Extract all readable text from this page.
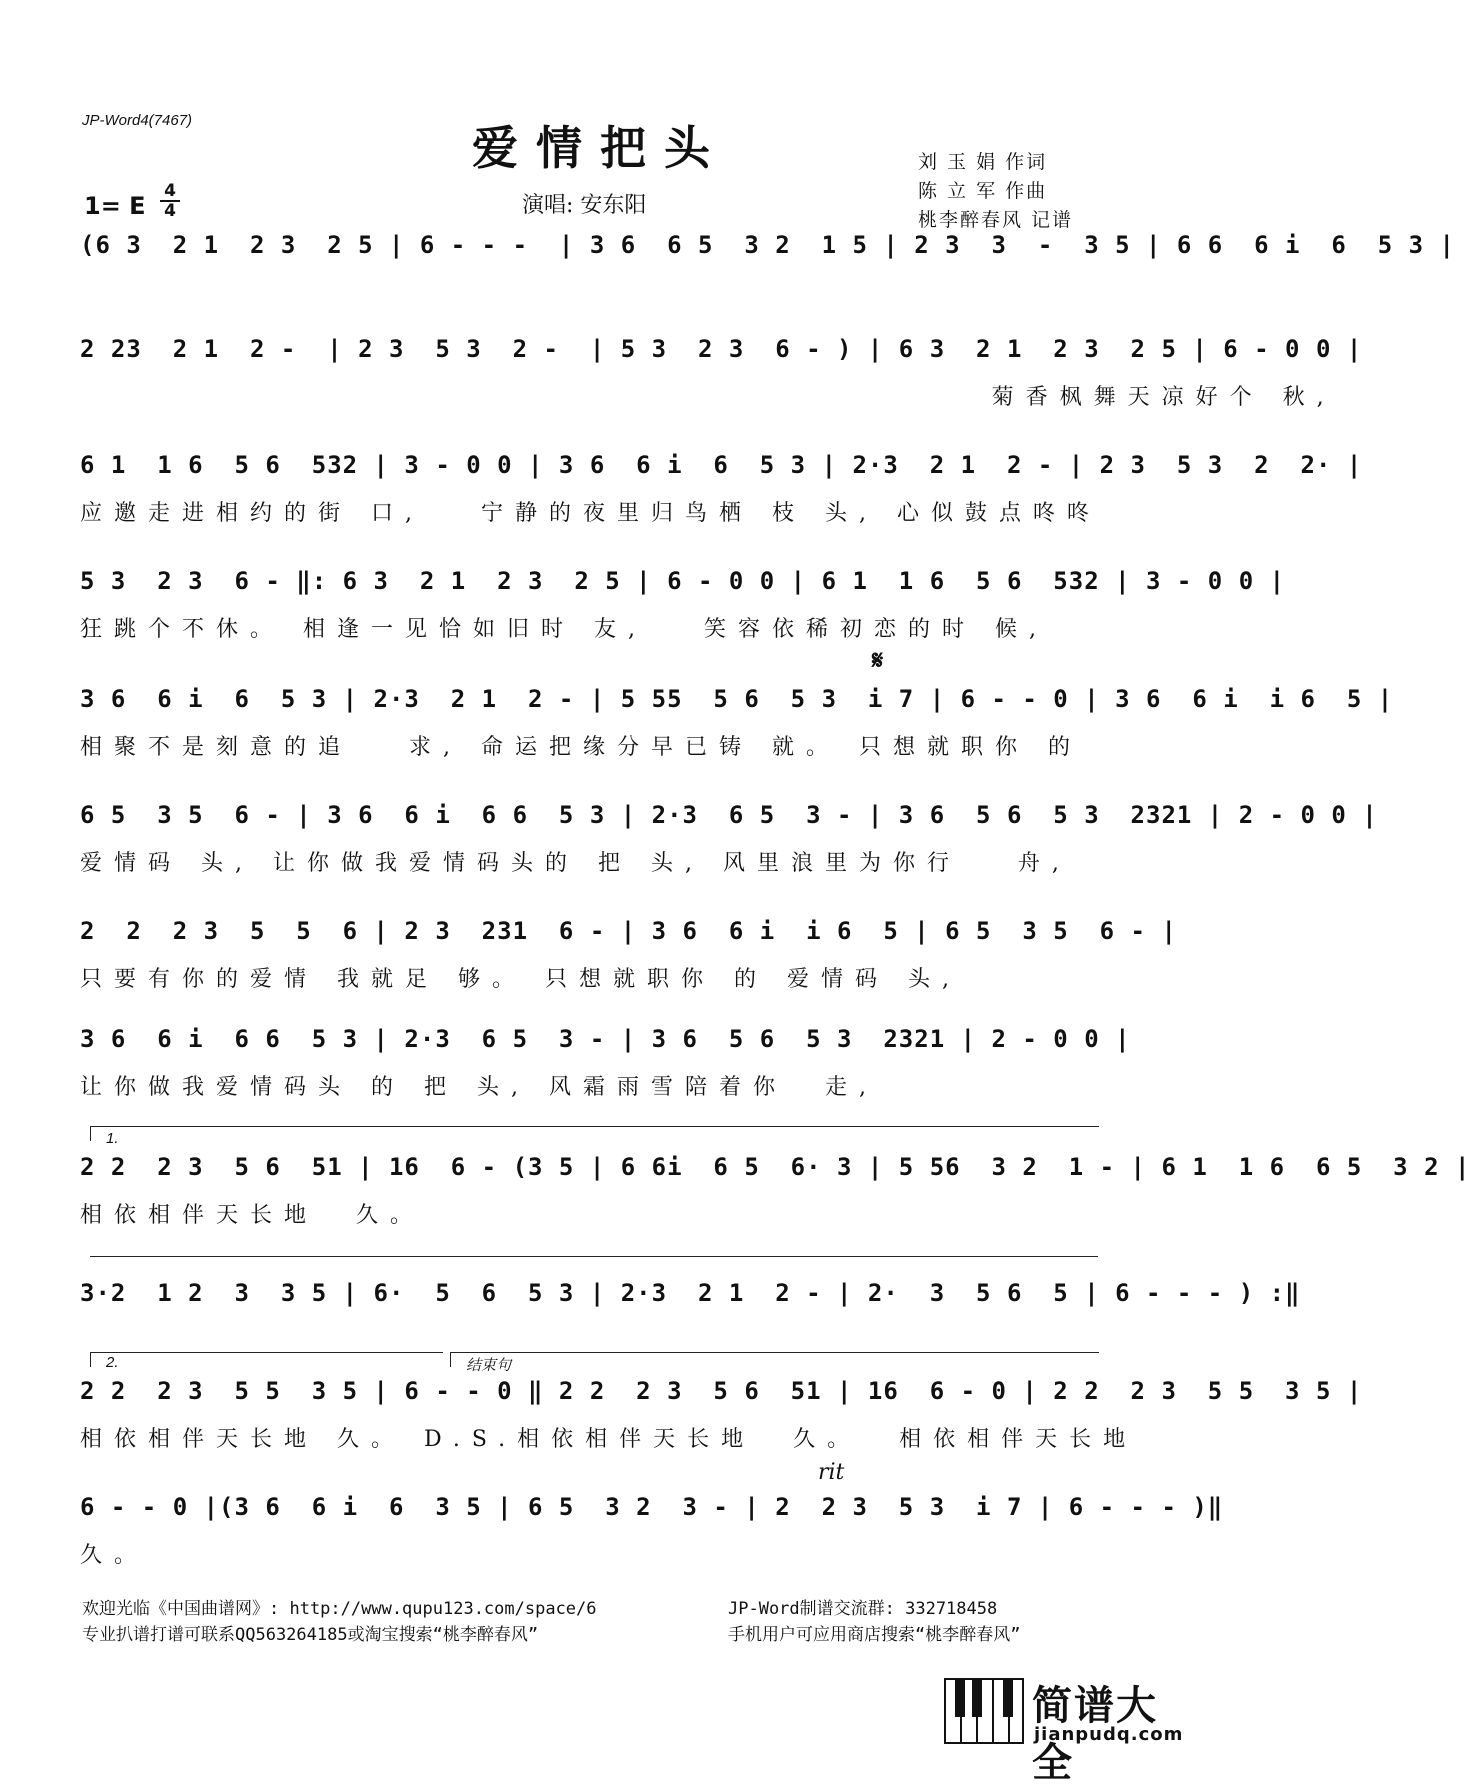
JP-Word4(7467)
爱情把头
1= E
4
4	演唱: 安东阳
刘 玉 娟 作词
陈 立 军 作曲
桃李醉春风 记谱
(6 3  2 1  2 3  2 5 | 6 - - -  | 3 6  6 5  3 2  1 5 | 2 3  3  -  3 5 | 6 6  6 i  6  5 3 |
2 23  2 1  2 -  | 2 3  5 3  2 -  | 5 3  2 3  6 - ) | 6 3  2 1  2 3  2 5 | 6 - 0 0 |
菊香枫舞天凉好个 秋,
6 1  1 6  5 6  532 | 3 - 0 0 | 3 6  6 i  6  5 3 | 2·3  2 1  2 - | 2 3  5 3  2  2· |
应邀走进相约的街 口,   宁静的夜里归鸟栖 枝 头, 心似鼓点咚咚
5 3  2 3  6 - ‖: 6 3  2 1  2 3  2 5 | 6 - 0 0 | 6 1  1 6  5 6  532 | 3 - 0 0 |
狂跳个不休。 相逢一见恰如旧时 友,   笑容依稀初恋的时 候,
𝄋
3 6  6 i  6  5 3 | 2·3  2 1  2 - | 5 55  5 6  5 3  i 7 | 6 - - 0 | 3 6  6 i  i 6  5 |
相聚不是刻意的追   求, 命运把缘分早已铸 就。 只想就职你 的
6 5  3 5  6 - | 3 6  6 i  6 6  5 3 | 2·3  6 5  3 - | 3 6  5 6  5 3  2321 | 2 - 0 0 |
爱情码 头, 让你做我爱情码头的 把 头, 风里浪里为你行   舟,
2  2  2 3  5  5  6 | 2 3  231  6 - | 3 6  6 i  i 6  5 | 6 5  3 5  6 - |
只要有你的爱情 我就足 够。 只想就职你 的 爱情码 头,
3 6  6 i  6 6  5 3 | 2·3  6 5  3 - | 3 6  5 6  5 3  2321 | 2 - 0 0 |
让你做我爱情码头 的 把 头, 风霜雨雪陪着你  走,
1.
2 2  2 3  5 6  51 | 16  6 - (3 5 | 6 6i  6 5  6· 3 | 5 56  3 2  1 - | 6 1  1 6  6 5  3 2 |
相依相伴天长地  久。
3·2  1 2  3  3 5 | 6·  5  6  5 3 | 2·3  2 1  2 - | 2·  3  5 6  5 | 6 - - - ) :‖
2.	结束句
2 2  2 3  5 5  3 5 | 6 - - 0 ‖ 2 2  2 3  5 6  51 | 16  6 - 0 | 2 2  2 3  5 5  3 5 |
相依相伴天长地 久。 D.S.相依相伴天长地  久。  相依相伴天长地
rit
6 - - 0 |(3 6  6 i  6  3 5 | 6 5  3 2  3 - | 2  2 3  5 3  i 7 | 6 - - - )‖
久。
欢迎光临《中国曲谱网》: http://www.qupu123.com/space/6
专业扒谱打谱可联系QQ563264185或淘宝搜索“桃李醉春风”
JP-Word制谱交流群: 332718458
手机用户可应用商店搜索“桃李醉春风”
简谱大全
jianpudq.com
